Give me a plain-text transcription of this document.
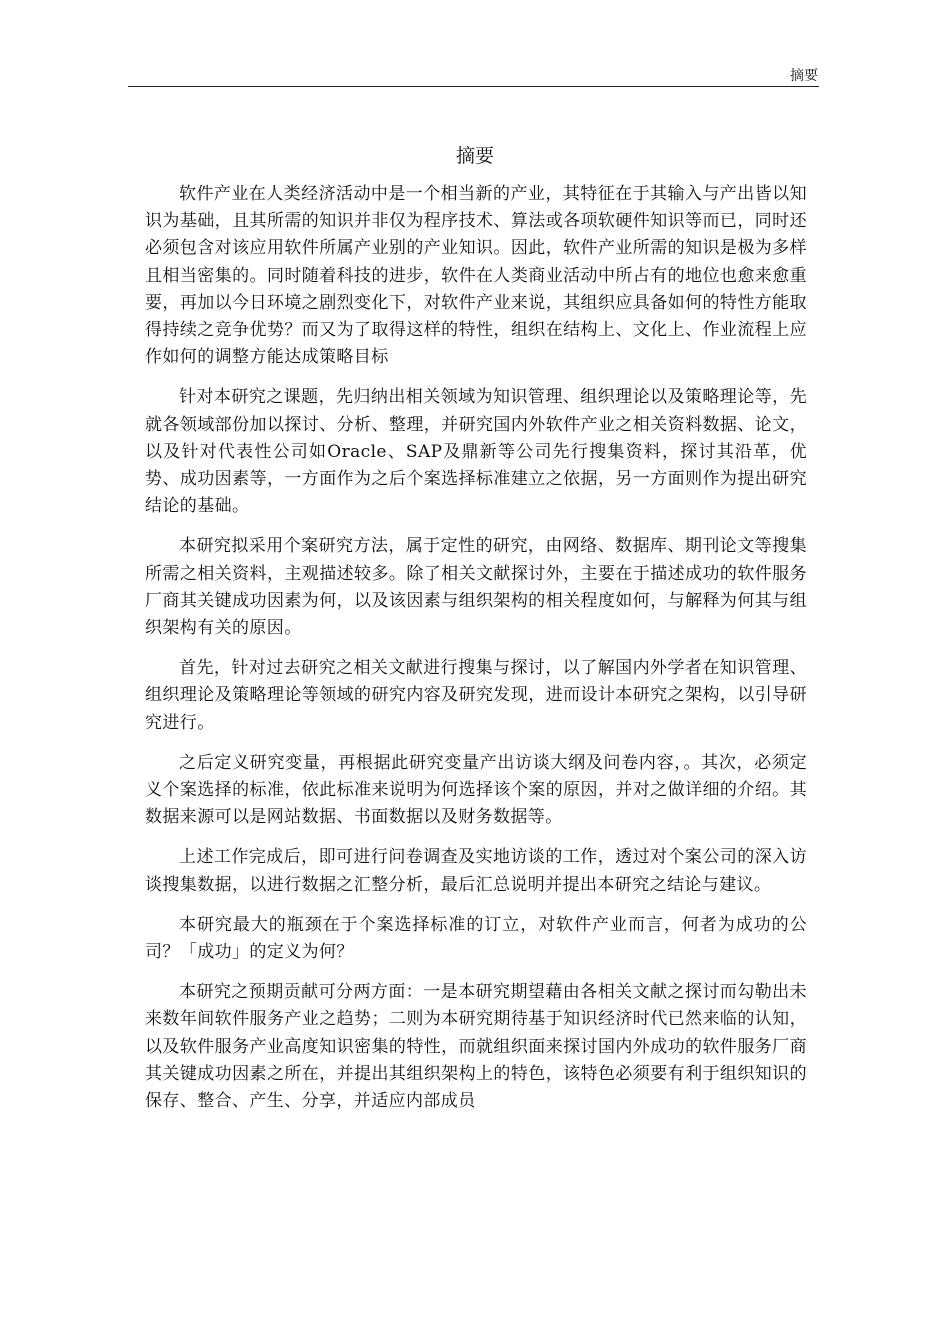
摘要
摘要

软件产业在人类经济活动中是一个相当新的产业，其特征在于其输入与产出皆以知识为基础，且其所需的知识并非仅为程序技术、算法或各项软硬件知识等而已，同时还必须包含对该应用软件所属产业别的产业知识。因此，软件产业所需的知识是极为多样且相当密集的。同时随着科技的进步，软件在人类商业活动中所占有的地位也愈来愈重要，再加以今日环境之剧烈变化下，对软件产业来说，其组织应具备如何的特性方能取得持续之竞争优势？而又为了取得这样的特性，组织在结构上、文化上、作业流程上应作如何的调整方能达成策略目标

针对本研究之课题，先归纳出相关领域为知识管理、组织理论以及策略理论等，先就各领域部份加以探讨、分析、整理，并研究国内外软件产业之相关资料数据、论文，以及针对代表性公司如Oracle、SAP及鼎新等公司先行搜集资料，探讨其沿革，优势、成功因素等，一方面作为之后个案选择标准建立之依据，另一方面则作为提出研究结论的基础。

本研究拟采用个案研究方法，属于定性的研究，由网络、数据库、期刊论文等搜集所需之相关资料，主观描述较多。除了相关文献探讨外，主要在于描述成功的软件服务厂商其关键成功因素为何，以及该因素与组织架构的相关程度如何，与解释为何其与组织架构有关的原因。

首先，针对过去研究之相关文献进行搜集与探讨，以了解国内外学者在知识管理、组织理论及策略理论等领域的研究内容及研究发现，进而设计本研究之架构，以引导研究进行。

之后定义研究变量，再根据此研究变量产出访谈大纲及问卷内容，。其次，必须定义个案选择的标准，依此标准来说明为何选择该个案的原因，并对之做详细的介绍。其数据来源可以是网站数据、书面数据以及财务数据等。

上述工作完成后，即可进行问卷调查及实地访谈的工作，透过对个案公司的深入访谈搜集数据，以进行数据之汇整分析，最后汇总说明并提出本研究之结论与建议。

本研究最大的瓶颈在于个案选择标准的订立，对软件产业而言，何者为成功的公司？「成功」的定义为何？

本研究之预期贡献可分两方面：一是本研究期望藉由各相关文献之探讨而勾勒出未来数年间软件服务产业之趋势；二则为本研究期待基于知识经济时代已然来临的认知，以及软件服务产业高度知识密集的特性，而就组织面来探讨国内外成功的软件服务厂商其关键成功因素之所在，并提出其组织架构上的特色，该特色必须要有利于组织知识的保存、整合、产生、分享，并适应内部成员
